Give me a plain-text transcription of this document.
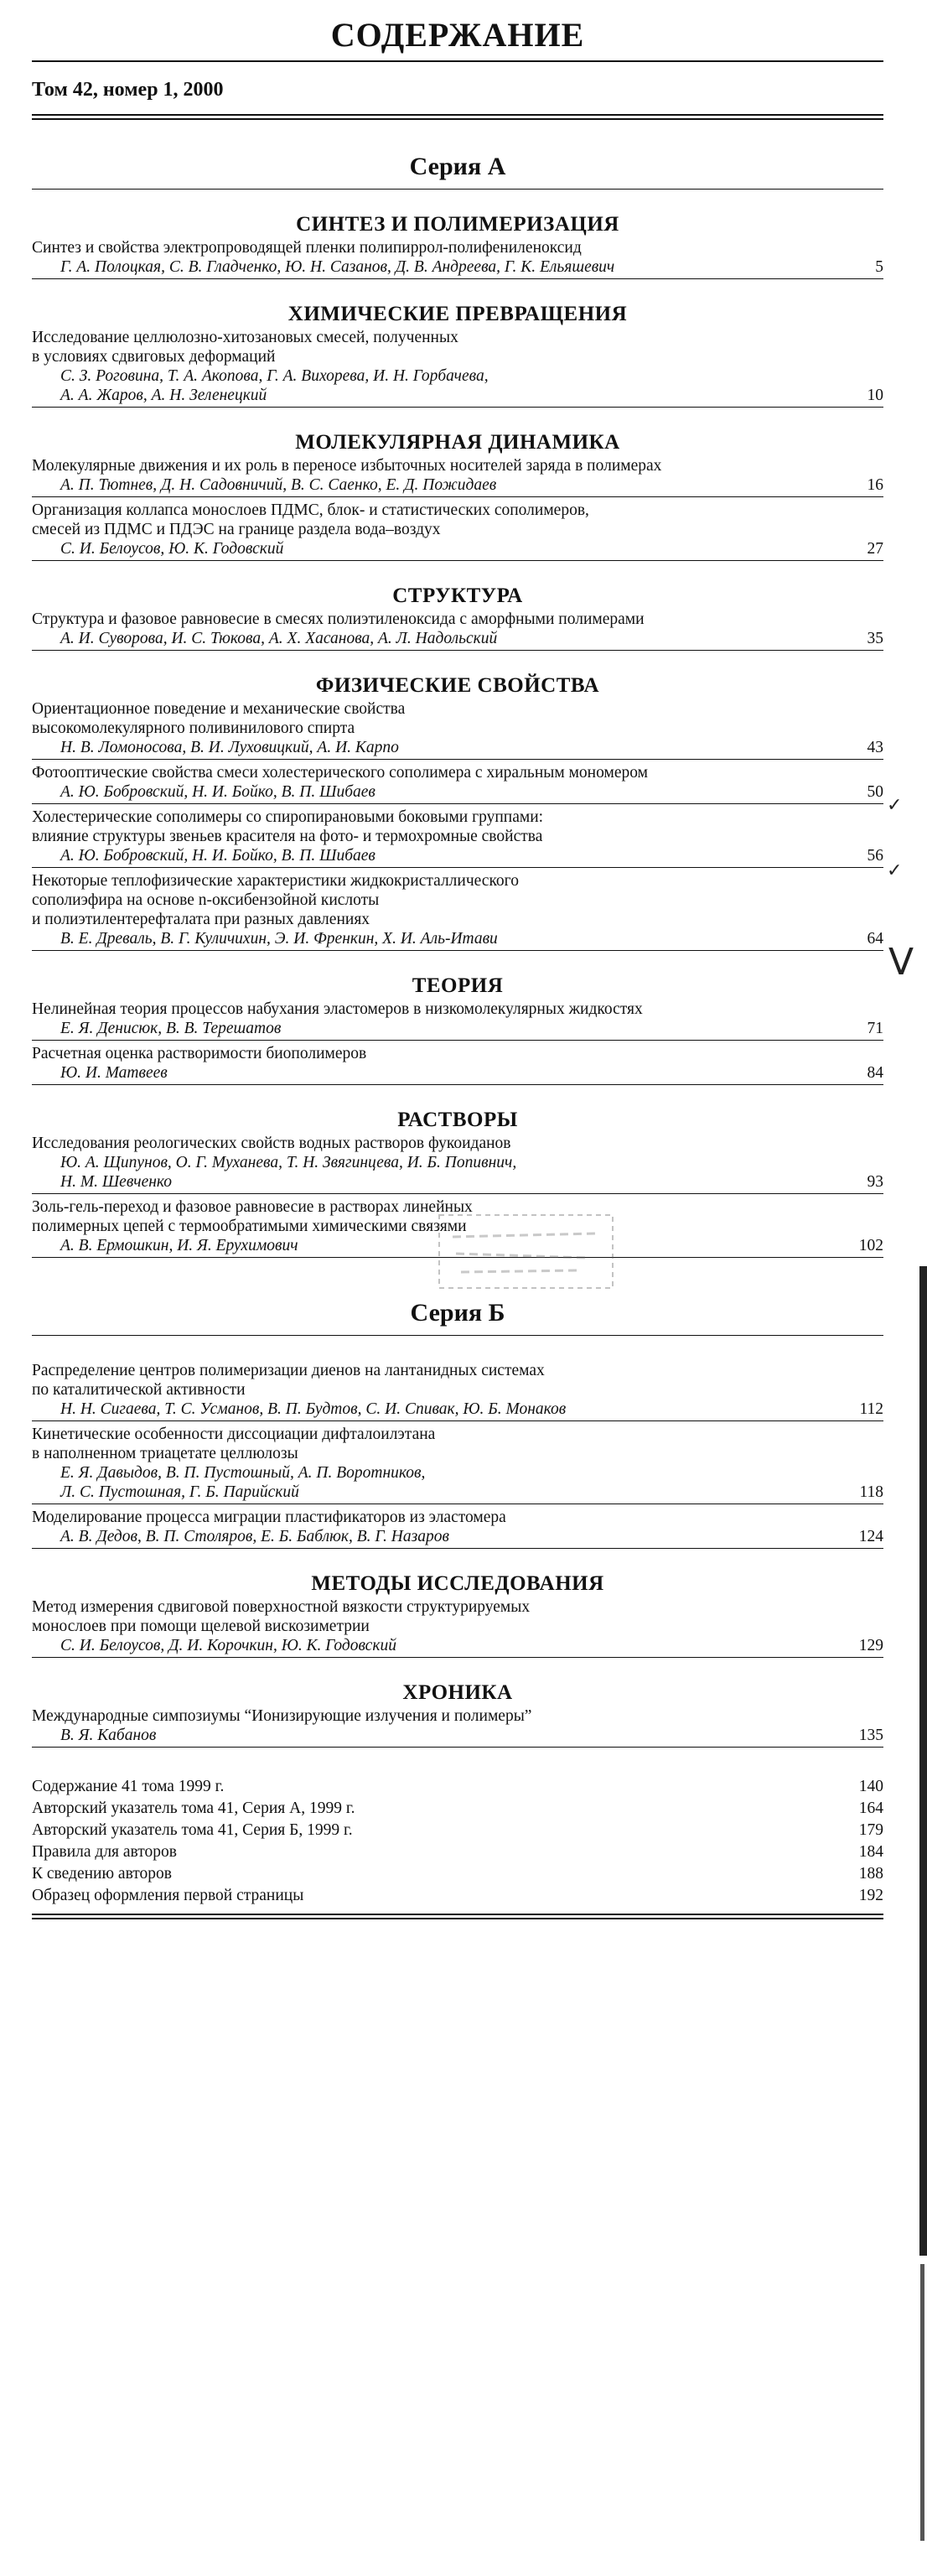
СОДЕРЖАНИЕ
Том 42, номер 1, 2000
Серия А
СИНТЕЗ И ПОЛИМЕРИЗАЦИЯ
Синтез и свойства электропроводящей пленки полипиррол-полифениленоксид
Г. А. Полоцкая, С. В. Гладченко, Ю. Н. Сазанов, Д. В. Андреева, Г. К. Ельяшевич	5
ХИМИЧЕСКИЕ ПРЕВРАЩЕНИЯ
Исследование целлюлозно-хитозановых смесей, полученных
в условиях сдвиговых деформаций
С. З. Роговина, Т. А. Акопова, Г. А. Вихорева, И. Н. Горбачева,
А. А. Жаров, А. Н. Зеленецкий	10
МОЛЕКУЛЯРНАЯ ДИНАМИКА
Молекулярные движения и их роль в переносе избыточных носителей заряда в полимерах
А. П. Тютнев, Д. Н. Садовничий, В. С. Саенко, Е. Д. Пожидаев	16
Организация коллапса монослоев ПДМС, блок- и статистических сополимеров,
смесей из ПДМС и ПДЭС на границе раздела вода–воздух
С. И. Белоусов, Ю. К. Годовский	27
СТРУКТУРА
Структура и фазовое равновесие в смесях полиэтиленоксида с аморфными полимерами
А. И. Суворова, И. С. Тюкова, А. Х. Хасанова, А. Л. Надольский	35
ФИЗИЧЕСКИЕ СВОЙСТВА
Ориентационное поведение и механические свойства
высокомолекулярного поливинилового спирта
Н. В. Ломоносова, В. И. Луховицкий, А. И. Карпо	43
Фотооптические свойства смеси холестерического сополимера с хиральным мономером
А. Ю. Бобровский, Н. И. Бойко, В. П. Шибаев	50
Холестерические сополимеры со спиропирановыми боковыми группами:
влияние структуры звеньев красителя на фото- и термохромные свойства
А. Ю. Бобровский, Н. И. Бойко, В. П. Шибаев	56
Некоторые теплофизические характеристики жидкокристаллического
сополиэфира на основе n-оксибензойной кислоты
и полиэтилентерефталата при разных давлениях
В. Е. Древаль, В. Г. Куличихин, Э. И. Френкин, Х. И. Аль-Итави	64
ТЕОРИЯ
Нелинейная теория процессов набухания эластомеров в низкомолекулярных жидкостях
Е. Я. Денисюк, В. В. Терешатов	71
Расчетная оценка растворимости биополимеров
Ю. И. Матвеев	84
РАСТВОРЫ
Исследования реологических свойств водных растворов фукоиданов
Ю. А. Щипунов, О. Г. Муханева, Т. Н. Звягинцева, И. Б. Попивнич,
Н. М. Шевченко	93
Золь-гель-переход и фазовое равновесие в растворах линейных
полимерных цепей с термообратимыми химическими связями
А. В. Ермошкин, И. Я. Ерухимович	102
Серия Б
Распределение центров полимеризации диенов на лантанидных системах
по каталитической активности
Н. Н. Сигаева, Т. С. Усманов, В. П. Будтов, С. И. Спивак, Ю. Б. Монаков	112
Кинетические особенности диссоциации дифталоилэтана
в наполненном триацетате целлюлозы
Е. Я. Давыдов, В. П. Пустошный, А. П. Воротников,
Л. С. Пустошная, Г. Б. Парийский	118
Моделирование процесса миграции пластификаторов из эластомера
А. В. Дедов, В. П. Столяров, Е. Б. Баблюк, В. Г. Назаров	124
МЕТОДЫ ИССЛЕДОВАНИЯ
Метод измерения сдвиговой поверхностной вязкости структурируемых
монослоев при помощи щелевой вискозиметрии
С. И. Белоусов, Д. И. Корочкин, Ю. К. Годовский	129
ХРОНИКА
Международные симпозиумы “Ионизирующие излучения и полимеры”
В. Я. Кабанов	135
Содержание 41 тома 1999 г.	140
Авторский указатель тома 41, Серия А, 1999 г.	164
Авторский указатель тома 41, Серия Б, 1999 г.	179
Правила для авторов	184
К сведению авторов	188
Образец оформления первой страницы	192
✓
✓
V
